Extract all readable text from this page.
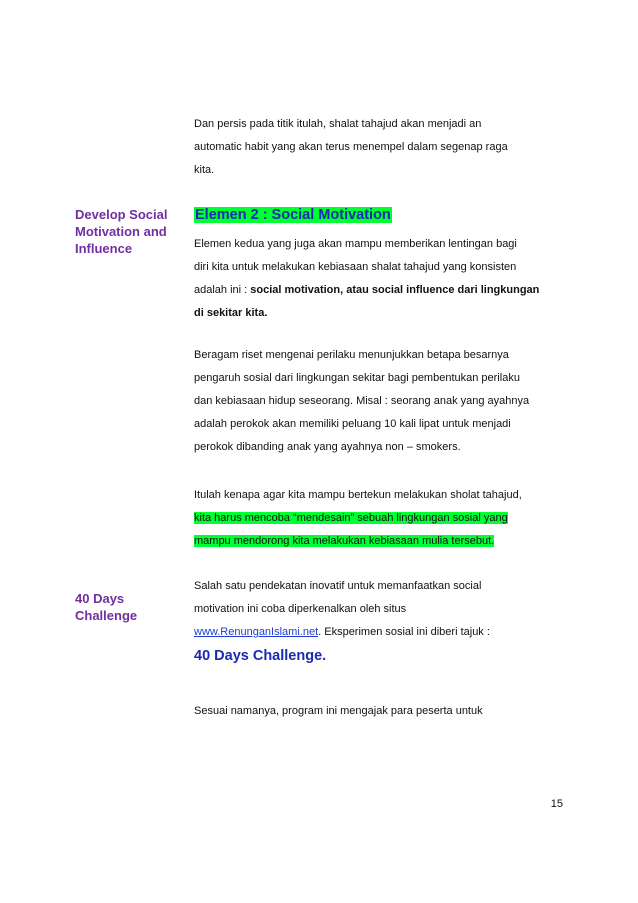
Develop Social
Motivation and
Influence
40 Days
Challenge

Dan persis pada titik itulah, shalat tahajud akan menjadi an
automatic habit yang akan terus menempel dalam segenap raga
kita.

Elemen 2 : Social Motivation

Elemen kedua yang juga akan mampu memberikan lentingan bagi
diri kita untuk melakukan kebiasaan shalat tahajud yang konsisten
adalah ini : social motivation, atau social influence dari lingkungan
di sekitar kita.

Beragam riset mengenai perilaku menunjukkan betapa besarnya
pengaruh sosial dari lingkungan sekitar bagi pembentukan perilaku
dan kebiasaan hidup seseorang. Misal : seorang anak yang ayahnya
adalah perokok akan memiliki peluang 10 kali lipat untuk menjadi
perokok dibanding anak yang ayahnya non – smokers.

Itulah kenapa agar kita mampu bertekun melakukan sholat tahajud,
kita harus mencoba “mendesain” sebuah lingkungan sosial yang
mampu mendorong kita melakukan kebiasaan mulia tersebut.

Salah satu pendekatan inovatif untuk memanfaatkan social
motivation ini coba diperkenalkan oleh situs
www.RenunganIslami.net. Eksperimen sosial ini diberi tajuk :

40 Days Challenge.

Sesuai namanya, program ini mengajak para peserta untuk

15
